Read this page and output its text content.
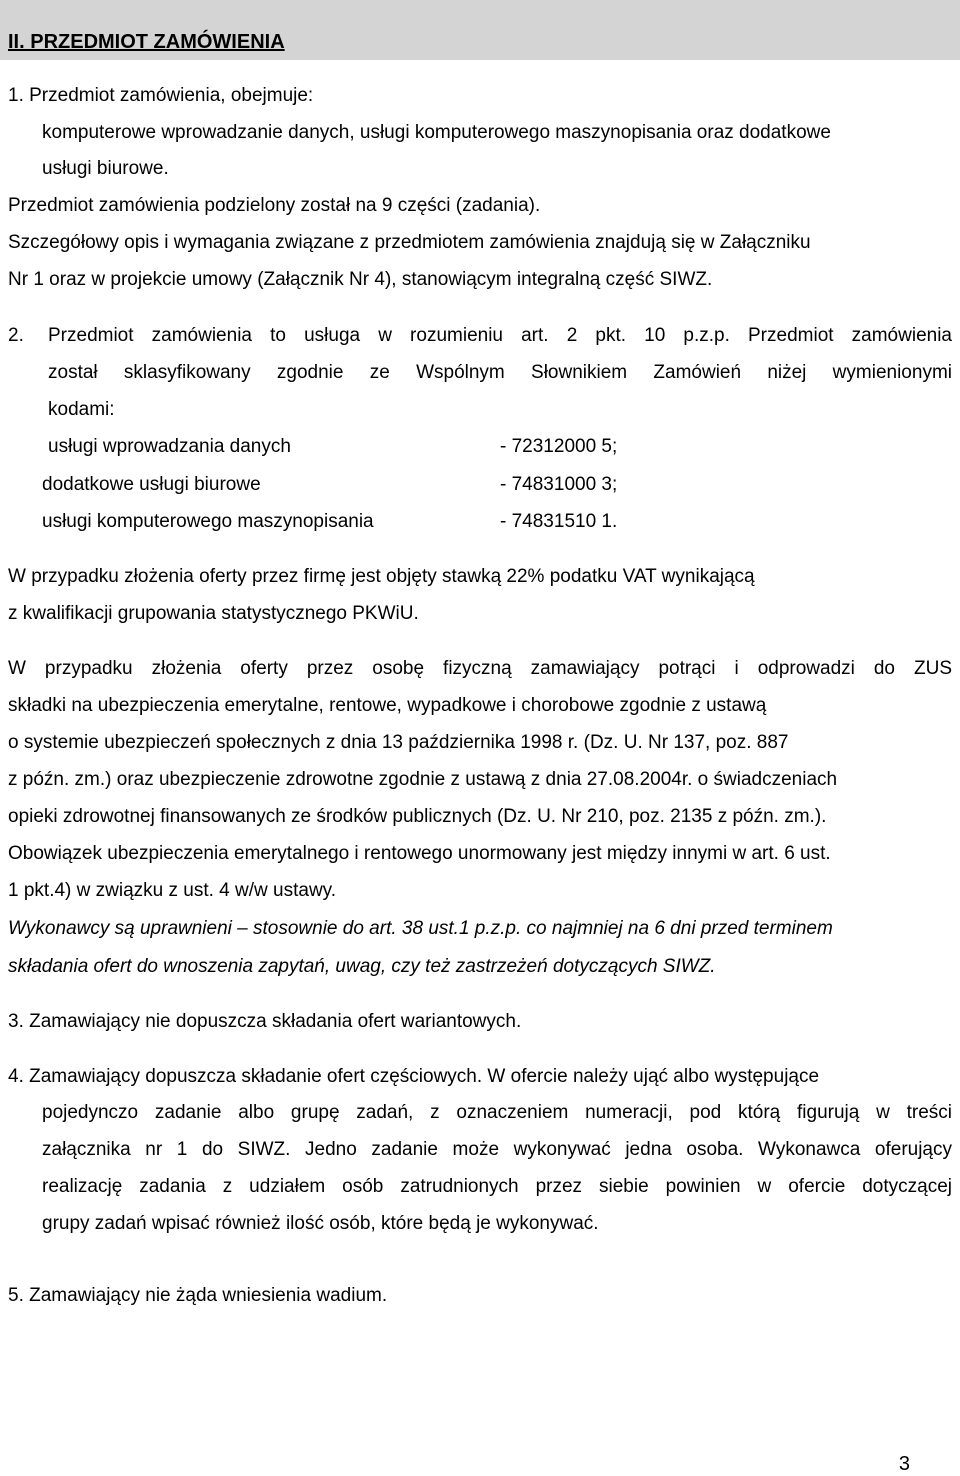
II. PRZEDMIOT ZAMÓWIENIA
1. Przedmiot zamówienia, obejmuje:
komputerowe wprowadzanie danych, usługi komputerowego maszynopisania oraz dodatkowe
usługi biurowe.
Przedmiot zamówienia podzielony został na 9 części (zadania).
Szczegółowy opis i wymagania związane z przedmiotem zamówienia znajdują się w Załączniku
Nr 1 oraz w projekcie umowy (Załącznik Nr 4), stanowiącym integralną część SIWZ.
2. Przedmiot zamówienia to usługa w rozumieniu art. 2 pkt. 10 p.z.p. Przedmiot zamówienia
został sklasyfikowany zgodnie ze Wspólnym Słownikiem Zamówień niżej wymienionymi
kodami:
usługi wprowadzania danych	- 72312000 5;
dodatkowe usługi biurowe	- 74831000 3;
usługi komputerowego maszynopisania	- 74831510 1.
W przypadku złożenia oferty przez firmę jest objęty stawką 22% podatku VAT wynikającą
z kwalifikacji grupowania statystycznego PKWiU.
W przypadku złożenia oferty przez osobę fizyczną zamawiający potrąci i odprowadzi do ZUS
składki na ubezpieczenia emerytalne, rentowe, wypadkowe i chorobowe zgodnie z ustawą
o systemie ubezpieczeń społecznych z dnia 13 października 1998 r. (Dz. U. Nr 137, poz. 887
z późn. zm.) oraz ubezpieczenie zdrowotne zgodnie z ustawą z dnia 27.08.2004r. o świadczeniach
opieki zdrowotnej finansowanych ze środków publicznych (Dz. U. Nr 210, poz. 2135 z późn. zm.).
Obowiązek ubezpieczenia emerytalnego i rentowego unormowany jest między innymi w art. 6 ust.
1 pkt.4) w związku z ust. 4 w/w ustawy.
Wykonawcy są uprawnieni – stosownie do art. 38 ust.1 p.z.p. co najmniej na 6 dni przed terminem
składania ofert do wnoszenia zapytań, uwag, czy też zastrzeżeń dotyczących SIWZ.
3. Zamawiający nie dopuszcza składania ofert wariantowych.
4. Zamawiający dopuszcza składanie ofert częściowych. W ofercie należy ująć albo występujące
pojedynczo zadanie albo grupę zadań, z oznaczeniem numeracji, pod którą figurują w treści
załącznika nr 1 do SIWZ. Jedno zadanie może wykonywać jedna osoba. Wykonawca oferujący
realizację zadania z udziałem osób zatrudnionych przez siebie powinien w ofercie dotyczącej
grupy zadań wpisać również ilość osób, które będą je wykonywać.
5. Zamawiający nie żąda wniesienia wadium.
3
